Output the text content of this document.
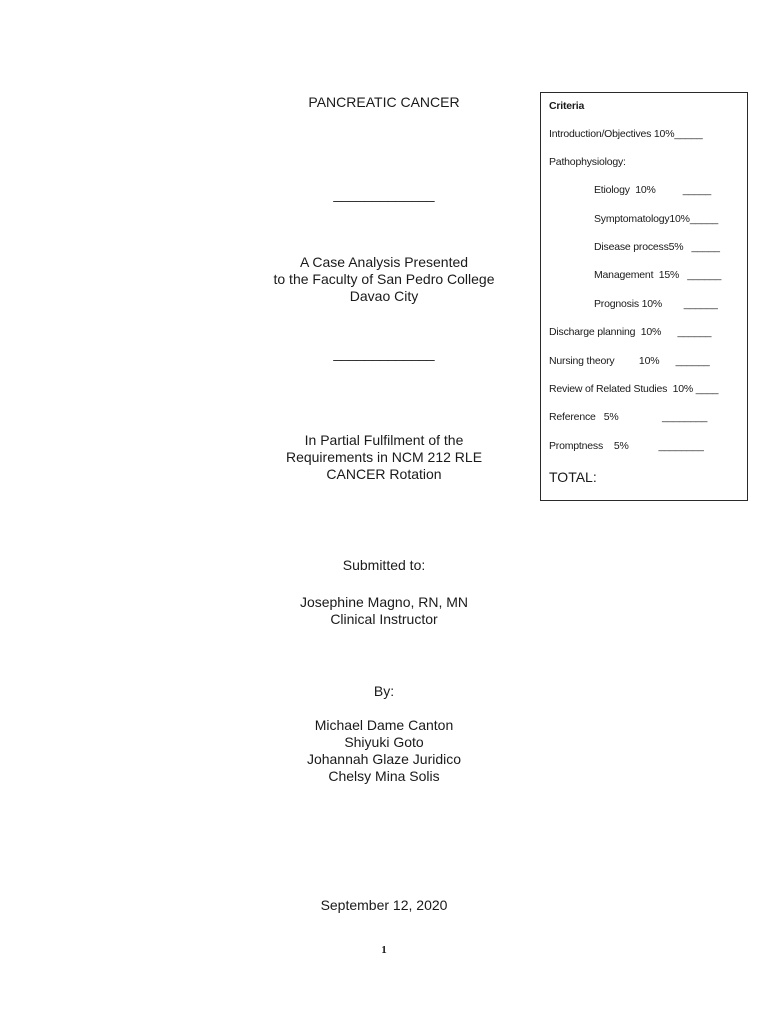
PANCREATIC CANCER
_____________
A Case Analysis Presented
to the Faculty of San Pedro College
Davao City
_____________
In Partial Fulfilment of the
Requirements in NCM 212 RLE
CANCER Rotation
Submitted to:
Josephine Magno, RN, MN
Clinical Instructor
By:
Michael Dame Canton
Shiyuki Goto
Johannah Glaze Juridico
Chelsy Mina Solis
September 12, 2020
1
Criteria
Introduction/Objectives 10%_____
Pathophysiology:
Etiology  10%          _____
Symptomatology10%_____
Disease process5%   _____
Management  15%   ______
Prognosis 10%        ______
Discharge planning  10%      ______
Nursing theory         10%      ______
Review of Related Studies  10% ____
Reference   5%                ________
Promptness    5%           ________
TOTAL:
